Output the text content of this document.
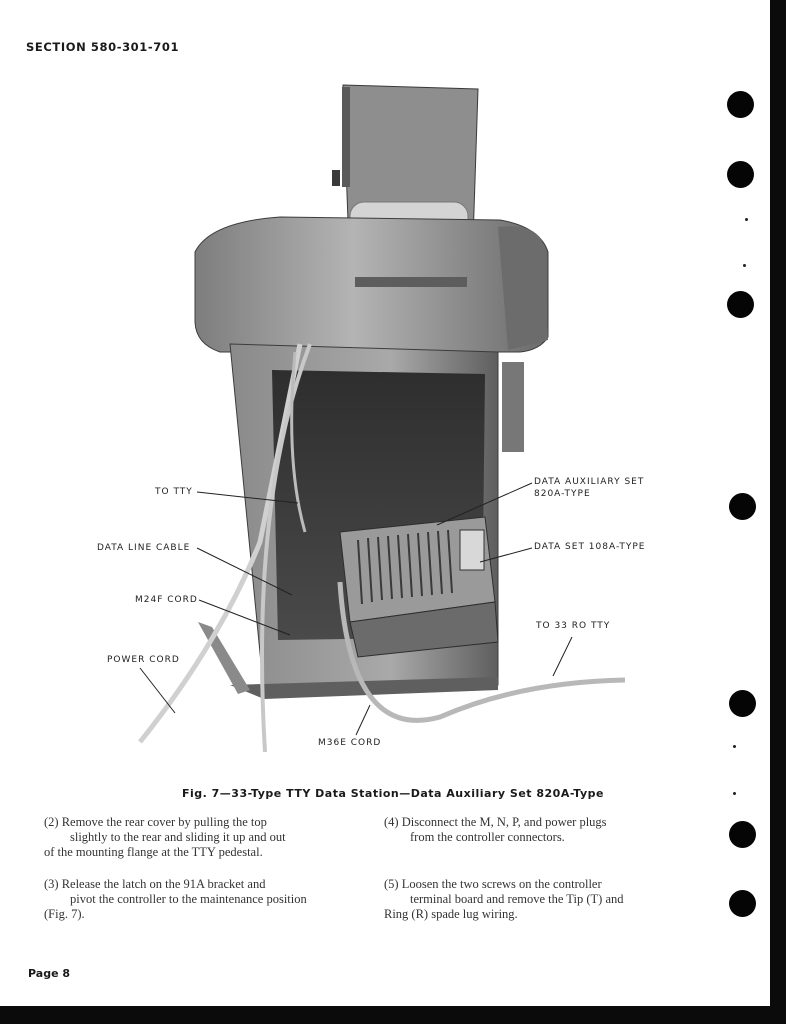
SECTION 580-301-701
TO TTY
DATA LINE CABLE
M24F CORD
POWER CORD
M36E CORD
DATA AUXILIARY SET
820A-TYPE
DATA SET 108A-TYPE
TO 33 RO TTY
Fig. 7—33-Type TTY Data Station—Data Auxiliary Set 820A-Type

(2) Remove the rear cover by pulling the top
slightly to the rear and sliding it up and out
of the mounting flange at the TTY pedestal.

(3) Release the latch on the 91A bracket and
pivot the controller to the maintenance position
(Fig. 7).

(4) Disconnect the M, N, P, and power plugs
from the controller connectors.

(5) Loosen the two screws on the controller
terminal board and remove the Tip (T) and
Ring (R) spade lug wiring.

Page 8
